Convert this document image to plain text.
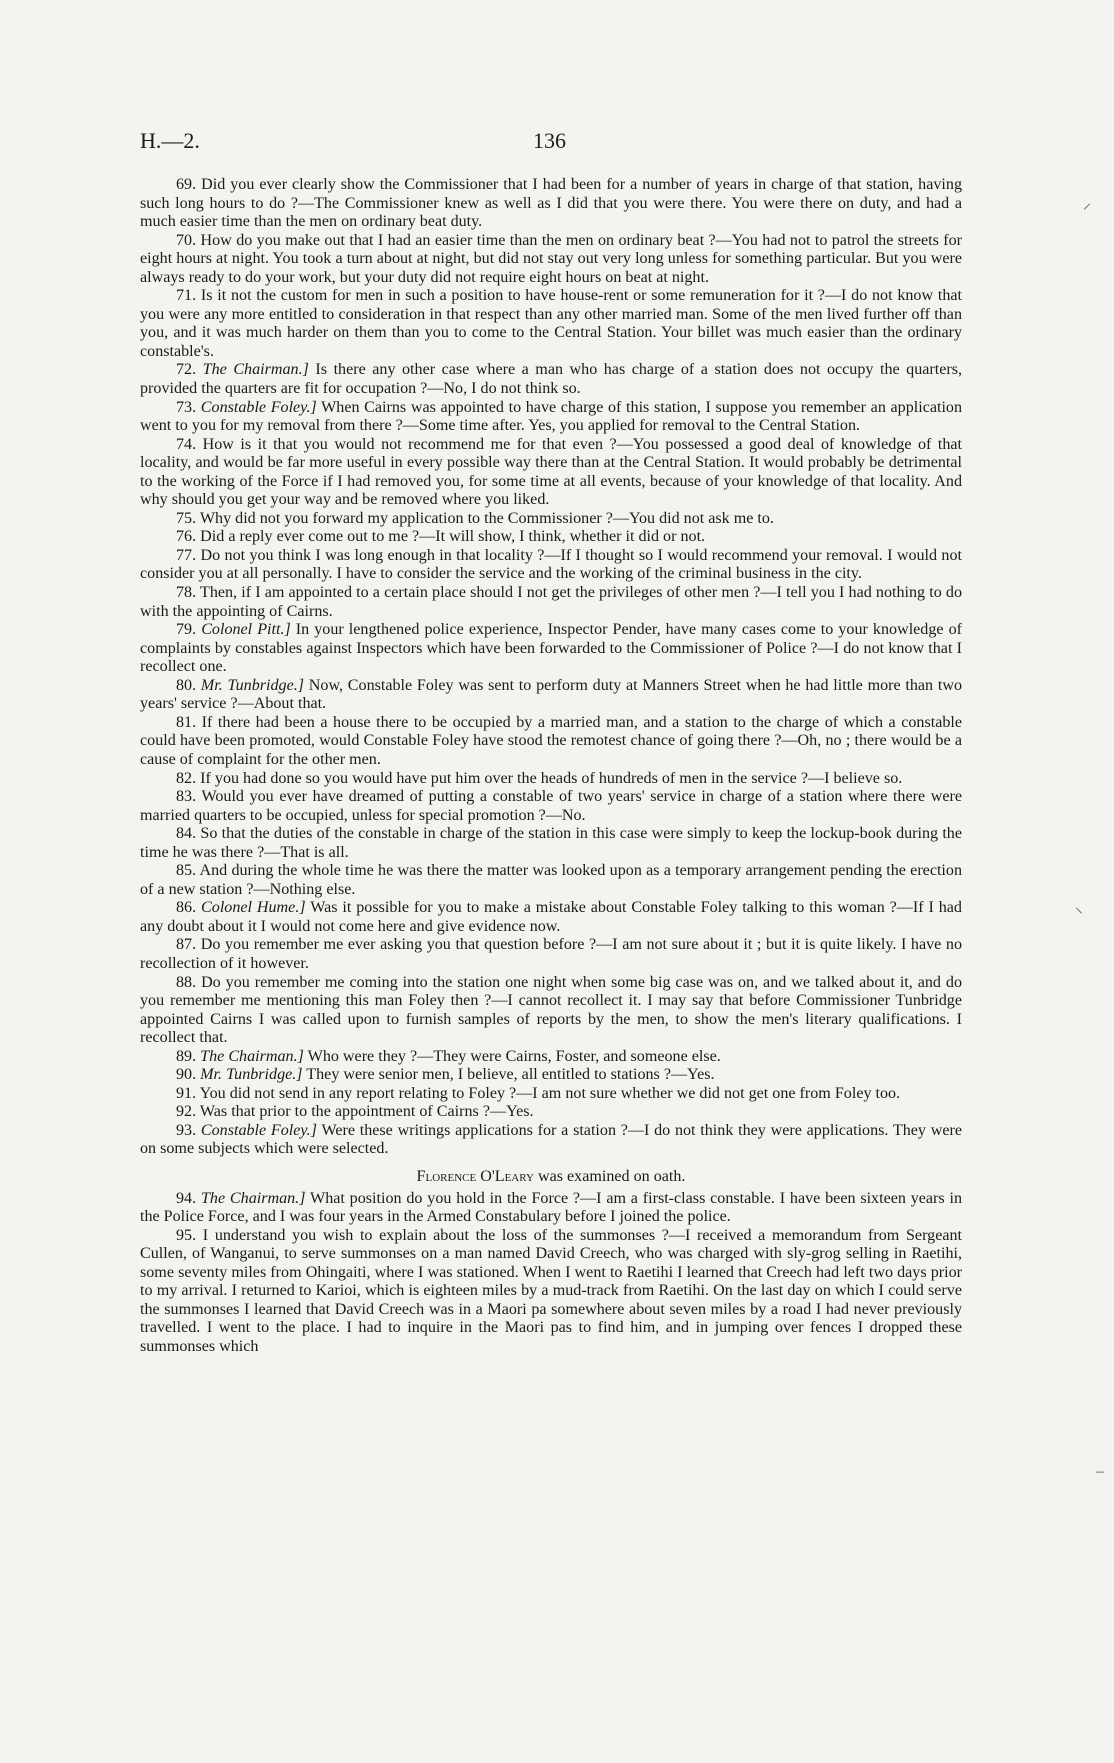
H.—2.	136

69. Did you ever clearly show the Commissioner that I had been for a number of years in charge of that station, having such long hours to do ?—The Commissioner knew as well as I did that you were there. You were there on duty, and had a much easier time than the men on ordinary beat duty.

70. How do you make out that I had an easier time than the men on ordinary beat ?—You had not to patrol the streets for eight hours at night. You took a turn about at night, but did not stay out very long unless for something particular. But you were always ready to do your work, but your duty did not require eight hours on beat at night.

71. Is it not the custom for men in such a position to have house-rent or some remuneration for it ?—I do not know that you were any more entitled to consideration in that respect than any other married man. Some of the men lived further off than you, and it was much harder on them than you to come to the Central Station. Your billet was much easier than the ordinary constable's.

72. The Chairman.] Is there any other case where a man who has charge of a station does not occupy the quarters, provided the quarters are fit for occupation ?—No, I do not think so.

73. Constable Foley.] When Cairns was appointed to have charge of this station, I suppose you remember an application went to you for my removal from there ?—Some time after. Yes, you applied for removal to the Central Station.

74. How is it that you would not recommend me for that even ?—You possessed a good deal of knowledge of that locality, and would be far more useful in every possible way there than at the Central Station. It would probably be detrimental to the working of the Force if I had removed you, for some time at all events, because of your knowledge of that locality. And why should you get your way and be removed where you liked.

75. Why did not you forward my application to the Commissioner ?—You did not ask me to.

76. Did a reply ever come out to me ?—It will show, I think, whether it did or not.

77. Do not you think I was long enough in that locality ?—If I thought so I would recommend your removal. I would not consider you at all personally. I have to consider the service and the working of the criminal business in the city.

78. Then, if I am appointed to a certain place should I not get the privileges of other men ?—I tell you I had nothing to do with the appointing of Cairns.

79. Colonel Pitt.] In your lengthened police experience, Inspector Pender, have many cases come to your knowledge of complaints by constables against Inspectors which have been forwarded to the Commissioner of Police ?—I do not know that I recollect one.

80. Mr. Tunbridge.] Now, Constable Foley was sent to perform duty at Manners Street when he had little more than two years' service ?—About that.

81. If there had been a house there to be occupied by a married man, and a station to the charge of which a constable could have been promoted, would Constable Foley have stood the remotest chance of going there ?—Oh, no ; there would be a cause of complaint for the other men.

82. If you had done so you would have put him over the heads of hundreds of men in the service ?—I believe so.

83. Would you ever have dreamed of putting a constable of two years' service in charge of a station where there were married quarters to be occupied, unless for special promotion ?—No.

84. So that the duties of the constable in charge of the station in this case were simply to keep the lockup-book during the time he was there ?—That is all.

85. And during the whole time he was there the matter was looked upon as a temporary arrangement pending the erection of a new station ?—Nothing else.

86. Colonel Hume.] Was it possible for you to make a mistake about Constable Foley talking to this woman ?—If I had any doubt about it I would not come here and give evidence now.

87. Do you remember me ever asking you that question before ?—I am not sure about it ; but it is quite likely. I have no recollection of it however.

88. Do you remember me coming into the station one night when some big case was on, and we talked about it, and do you remember me mentioning this man Foley then ?—I cannot recollect it. I may say that before Commissioner Tunbridge appointed Cairns I was called upon to furnish samples of reports by the men, to show the men's literary qualifications. I recollect that.

89. The Chairman.] Who were they ?—They were Cairns, Foster, and someone else.

90. Mr. Tunbridge.] They were senior men, I believe, all entitled to stations ?—Yes.

91. You did not send in any report relating to Foley ?—I am not sure whether we did not get one from Foley too.

92. Was that prior to the appointment of Cairns ?—Yes.

93. Constable Foley.] Were these writings applications for a station ?—I do not think they were applications. They were on some subjects which were selected.

Florence O'Leary was examined on oath.

94. The Chairman.] What position do you hold in the Force ?—I am a first-class constable. I have been sixteen years in the Police Force, and I was four years in the Armed Constabulary before I joined the police.

95. I understand you wish to explain about the loss of the summonses ?—I received a memorandum from Sergeant Cullen, of Wanganui, to serve summonses on a man named David Creech, who was charged with sly-grog selling in Raetihi, some seventy miles from Ohingaiti, where I was stationed. When I went to Raetihi I learned that Creech had left two days prior to my arrival. I returned to Karioi, which is eighteen miles by a mud-track from Raetihi. On the last day on which I could serve the summonses I learned that David Creech was in a Maori pa somewhere about seven miles by a road I had never previously travelled. I went to the place. I had to inquire in the Maori pas to find him, and in jumping over fences I dropped these summonses which

⸍
⸌
–
